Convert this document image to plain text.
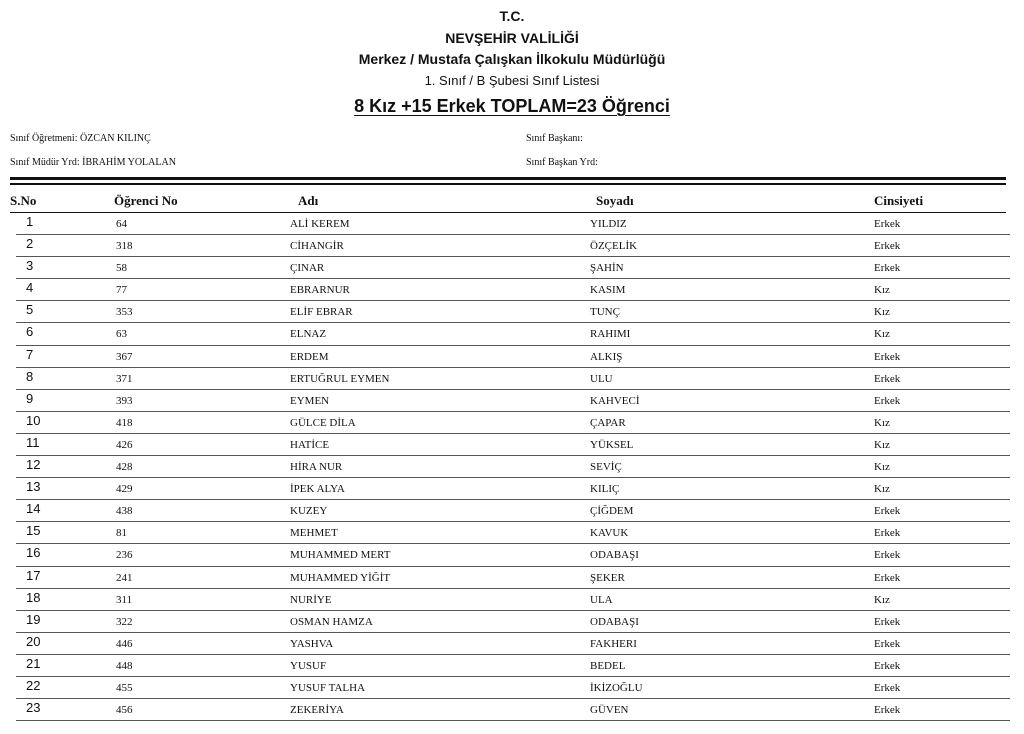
T.C.
NEVŞEHİR VALİLİĞİ
Merkez / Mustafa Çalışkan İlkokulu Müdürlüğü
1. Sınıf / B Şubesi Sınıf Listesi
8 Kız +15 Erkek TOPLAM=23 Öğrenci
Sınıf Öğretmeni: ÖZCAN KILINÇ
Sınıf Müdür Yrd: İBRAHİM YOLALAN
Sınıf Başkanı:
Sınıf Başkan Yrd:
S.No	Öğrenci No	Adı	Soyadı	Cinsiyeti
1	64	ALİ KEREM	YILDIZ	Erkek
2	318	CİHANGİR	ÖZÇELİK	Erkek
3	58	ÇINAR	ŞAHİN	Erkek
4	77	EBRARNUR	KASIM	Kız
5	353	ELİF EBRAR	TUNÇ	Kız
6	63	ELNAZ	RAHIMI	Kız
7	367	ERDEM	ALKIŞ	Erkek
8	371	ERTUĞRUL EYMEN	ULU	Erkek
9	393	EYMEN	KAHVECİ	Erkek
10	418	GÜLCE DİLA	ÇAPAR	Kız
11	426	HATİCE	YÜKSEL	Kız
12	428	HİRA NUR	SEVİÇ	Kız
13	429	İPEK ALYA	KILIÇ	Kız
14	438	KUZEY	ÇİĞDEM	Erkek
15	81	MEHMET	KAVUK	Erkek
16	236	MUHAMMED MERT	ODABAŞI	Erkek
17	241	MUHAMMED YİĞİT	ŞEKER	Erkek
18	311	NURİYE	ULA	Kız
19	322	OSMAN HAMZA	ODABAŞI	Erkek
20	446	YASHVA	FAKHERI	Erkek
21	448	YUSUF	BEDEL	Erkek
22	455	YUSUF TALHA	İKİZOĞLU	Erkek
23	456	ZEKERİYA	GÜVEN	Erkek
